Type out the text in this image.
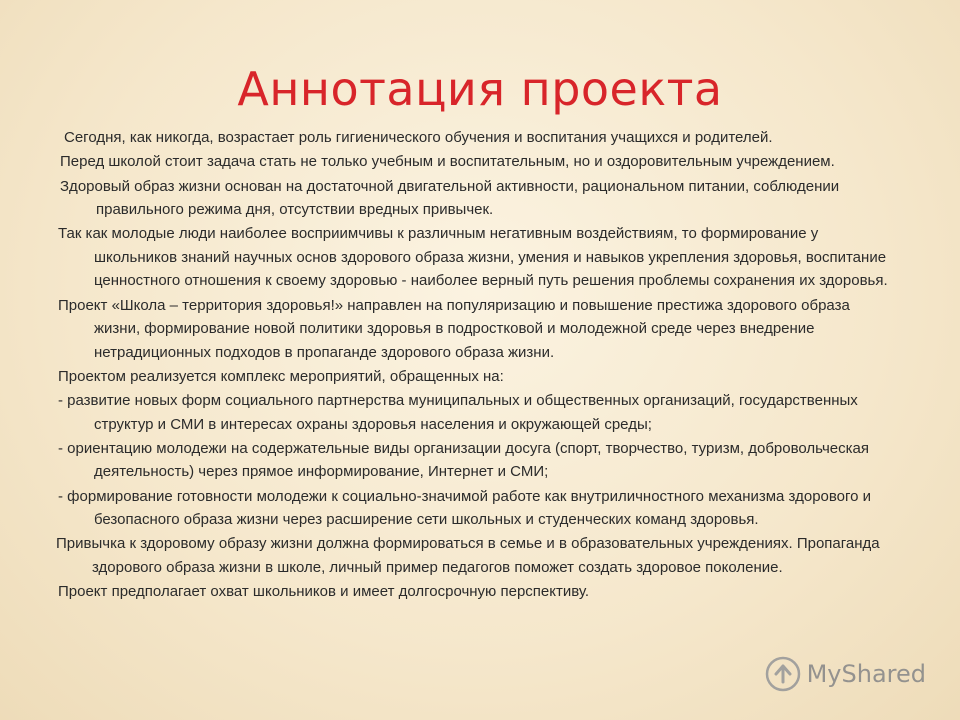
Аннотация проекта

Сегодня, как никогда, возрастает роль гигиенического обучения и воспитания учащихся и родителей.

Перед школой стоит задача стать не только учебным и воспитательным, но и оздоровительным учреждением.

Здоровый образ жизни основан на достаточной двигательной активности, рациональном питании, соблюдении правильного режима дня, отсутствии вредных привычек.

Так как молодые люди наиболее восприимчивы к различным негативным воздействиям, то формирование у школьников знаний научных основ здорового образа жизни, умения и навыков укрепления здоровья, воспитание ценностного отношения к своему здоровью - наиболее верный путь решения проблемы сохранения их здоровья.

Проект «Школа – территория здоровья!» направлен на популяризацию и повышение престижа здорового образа жизни, формирование новой политики здоровья в подростковой и молодежной среде через внедрение нетрадиционных подходов в пропаганде здорового образа жизни.

Проектом реализуется комплекс мероприятий, обращенных на:

- развитие новых форм социального партнерства муниципальных и общественных организаций, государственных структур и СМИ в интересах охраны здоровья населения и окружающей среды;

- ориентацию молодежи на содержательные виды организации досуга (спорт, творчество, туризм, добровольческая деятельность) через прямое информирование, Интернет и СМИ;

- формирование готовности молодежи к социально-значимой работе как внутриличностного механизма здорового и безопасного образа жизни через расширение сети школьных и студенческих команд здоровья.

Привычка к здоровому образу жизни должна формироваться в семье и в образовательных учреждениях. Пропаганда здорового образа жизни в школе, личный пример педагогов поможет создать здоровое поколение.

Проект предполагает охват школьников и имеет долгосрочную перспективу.

MyShared
